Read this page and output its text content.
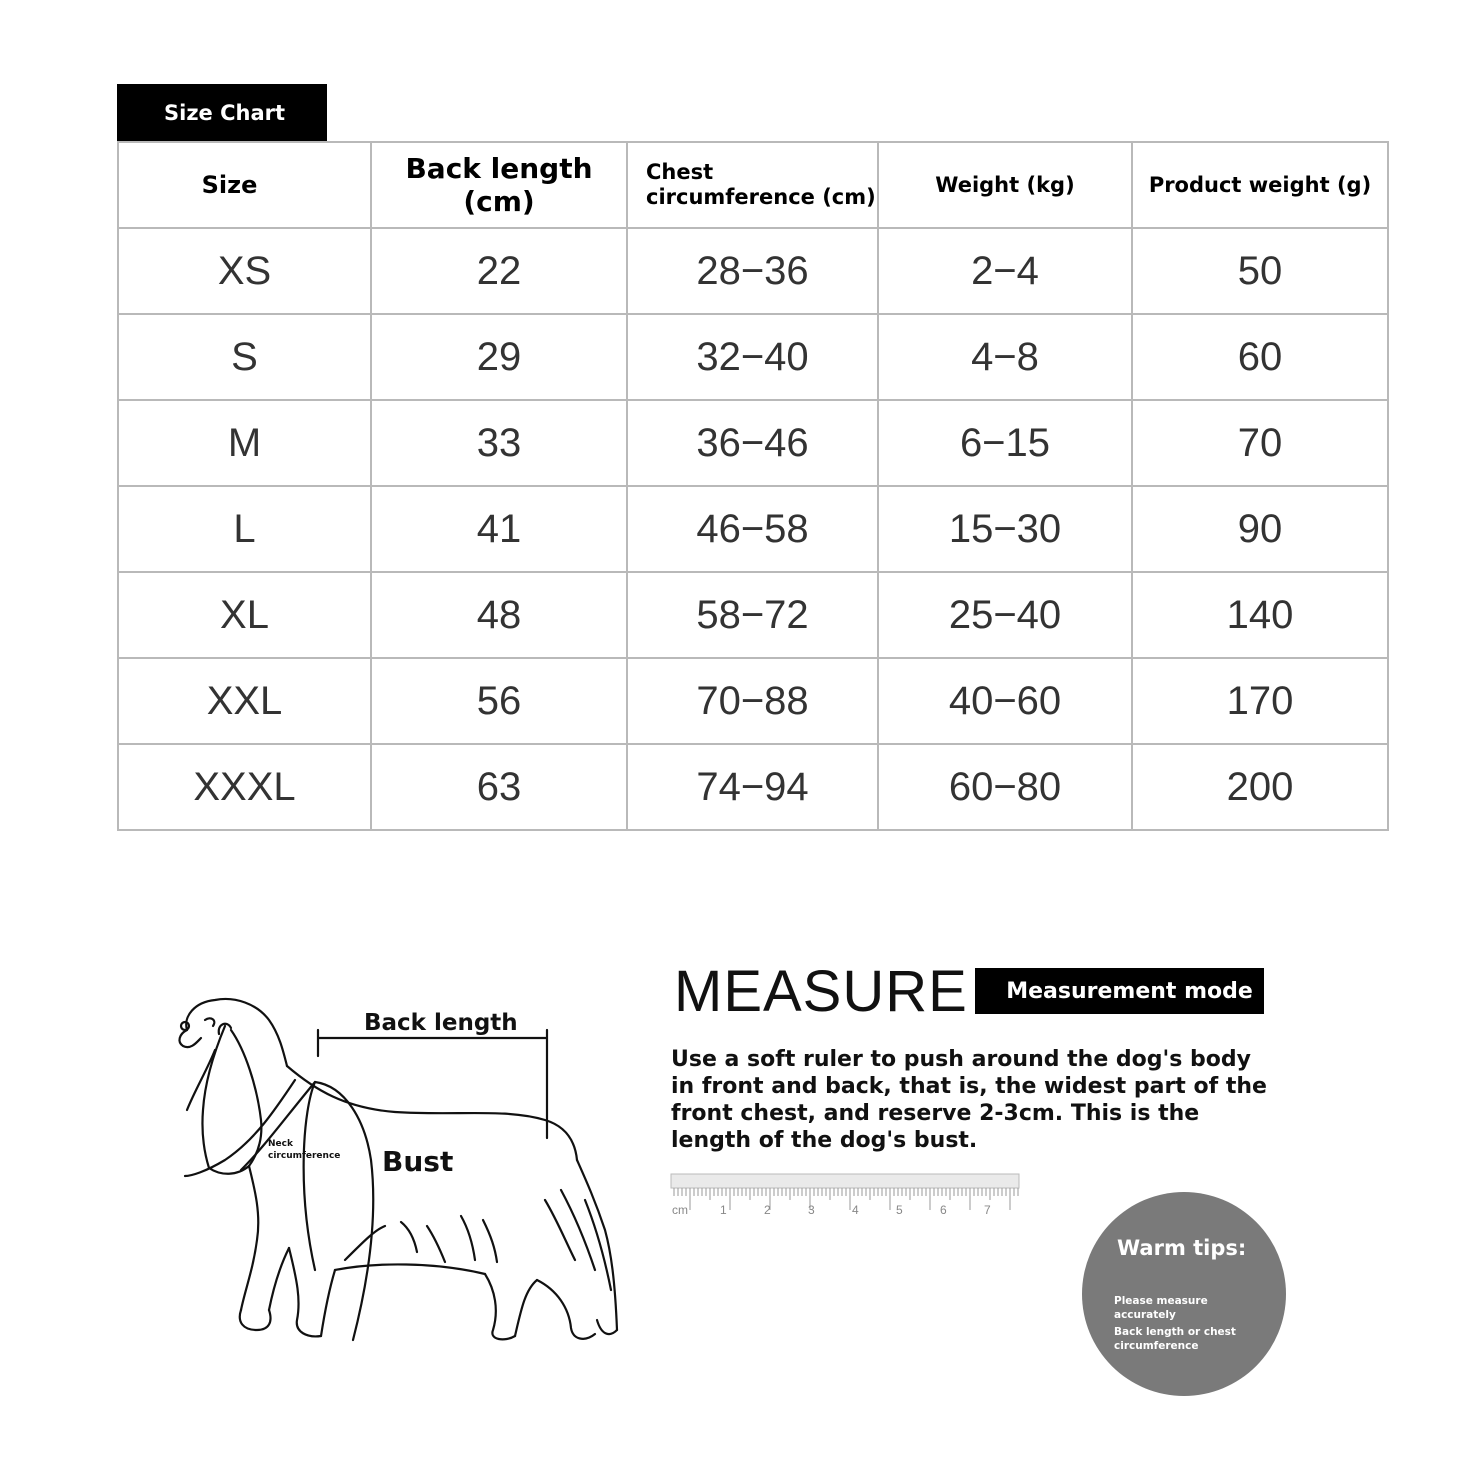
Size Chart
Size	Back length (cm)	Chest circumference (cm)	Weight (kg)	Product weight (g)
XS	22	28−36	2−4	50
S	29	32−40	4−8	60
M	33	36−46	6−15	70
L	41	46−58	15−30	90
XL	48	58−72	25−40	140
XXL	56	70−88	40−60	170
XXXL	63	74−94	60−80	200
Back length
Neck circumference Bust
MEASURE	Measurement mode
Use a soft ruler to push around the dog's body in front and back, that is, the widest part of the front chest, and reserve 2-3cm. This is the length of the dog's bust.
cm	1	2	3	4	5	6	7
Warm tips:
Please measure accurately
Back length or chest circumference
